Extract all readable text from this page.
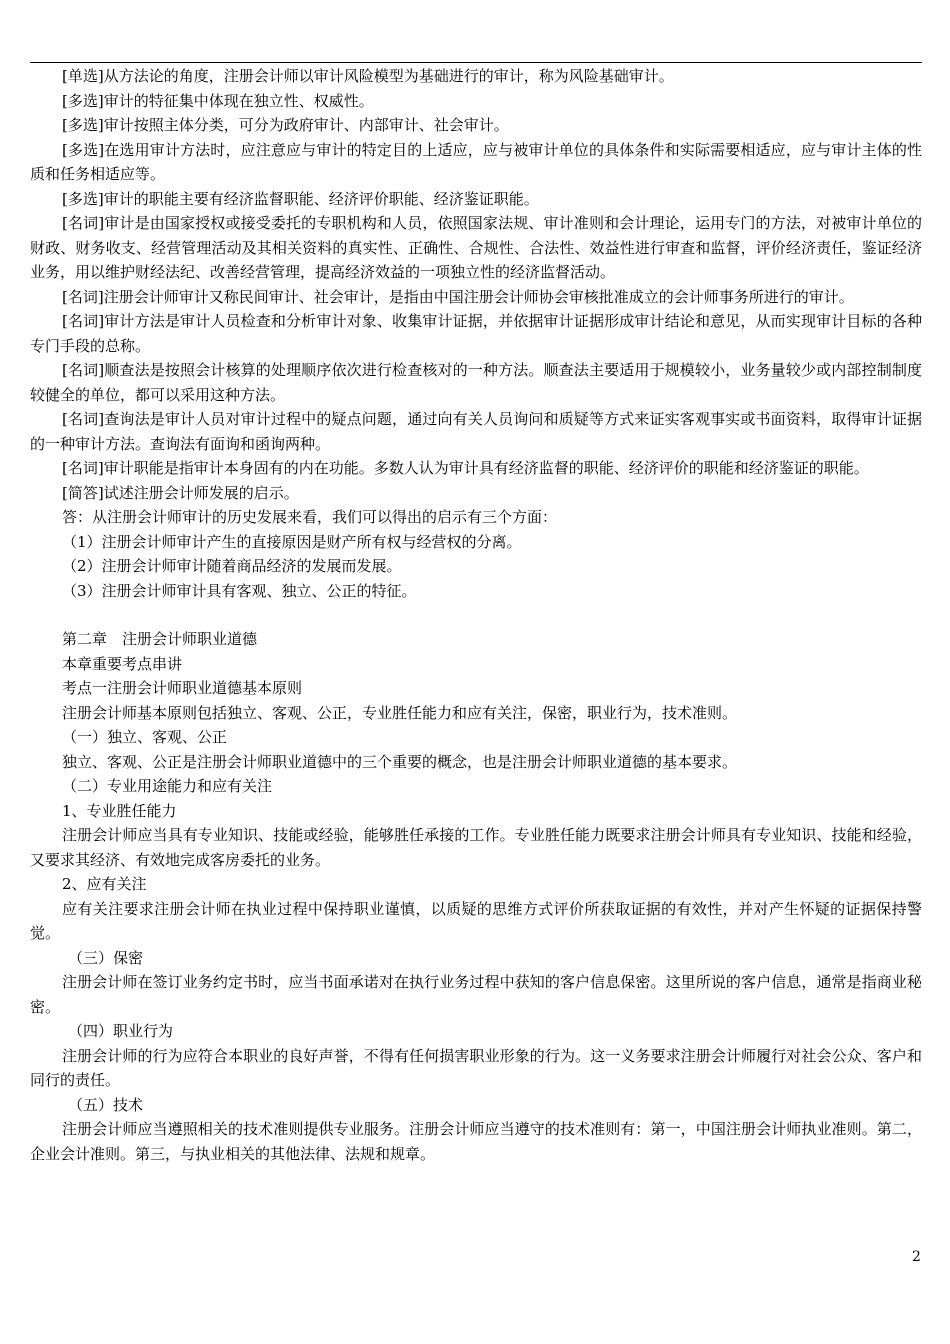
[单选]从方法论的角度，注册会计师以审计风险模型为基础进行的审计，称为风险基础审计。

[多选]审计的特征集中体现在独立性、权威性。

[多选]审计按照主体分类，可分为政府审计、内部审计、社会审计。

[多选]在选用审计方法时，应注意应与审计的特定目的上适应，应与被审计单位的具体条件和实际需要相适应，应与审计主体的性质和任务相适应等。

[多选]审计的职能主要有经济监督职能、经济评价职能、经济鉴证职能。

[名词]审计是由国家授权或接受委托的专职机构和人员，依照国家法规、审计准则和会计理论，运用专门的方法，对被审计单位的财政、财务收支、经营管理活动及其相关资料的真实性、正确性、合规性、合法性、效益性进行审查和监督，评价经济责任，鉴证经济业务，用以维护财经法纪、改善经营管理，提高经济效益的一项独立性的经济监督活动。

[名词]注册会计师审计又称民间审计、社会审计，是指由中国注册会计师协会审核批准成立的会计师事务所进行的审计。

[名词]审计方法是审计人员检查和分析审计对象、收集审计证据，并依据审计证据形成审计结论和意见，从而实现审计目标的各种专门手段的总称。

[名词]顺查法是按照会计核算的处理顺序依次进行检查核对的一种方法。顺查法主要适用于规模较小，业务量较少或内部控制制度较健全的单位，都可以采用这种方法。

[名词]查询法是审计人员对审计过程中的疑点问题，通过向有关人员询问和质疑等方式来证实客观事实或书面资料，取得审计证据的一种审计方法。查询法有面询和函询两种。

[名词]审计职能是指审计本身固有的内在功能。多数人认为审计具有经济监督的职能、经济评价的职能和经济鉴证的职能。

[简答]试述注册会计师发展的启示。

答：从注册会计师审计的历史发展来看，我们可以得出的启示有三个方面：

（1）注册会计师审计产生的直接原因是财产所有权与经营权的分离。

（2）注册会计师审计随着商品经济的发展而发展。

（3）注册会计师审计具有客观、独立、公正的特征。

第二章　注册会计师职业道德

本章重要考点串讲

考点一注册会计师职业道德基本原则

注册会计师基本原则包括独立、客观、公正，专业胜任能力和应有关注，保密，职业行为，技术准则。

（一）独立、客观、公正

独立、客观、公正是注册会计师职业道德中的三个重要的概念，也是注册会计师职业道德的基本要求。

（二）专业用途能力和应有关注

1、专业胜任能力

注册会计师应当具有专业知识、技能或经验，能够胜任承接的工作。专业胜任能力既要求注册会计师具有专业知识、技能和经验，又要求其经济、有效地完成客房委托的业务。

2、应有关注

应有关注要求注册会计师在执业过程中保持职业谨慎，以质疑的思维方式评价所获取证据的有效性，并对产生怀疑的证据保持警觉。

（三）保密

注册会计师在签订业务约定书时，应当书面承诺对在执行业务过程中获知的客户信息保密。这里所说的客户信息，通常是指商业秘密。

（四）职业行为

注册会计师的行为应符合本职业的良好声誉，不得有任何损害职业形象的行为。这一义务要求注册会计师履行对社会公众、客户和同行的责任。

（五）技术

注册会计师应当遵照相关的技术准则提供专业服务。注册会计师应当遵守的技术准则有：第一，中国注册会计师执业准则。第二，企业会计准则。第三，与执业相关的其他法律、法规和规章。

2
